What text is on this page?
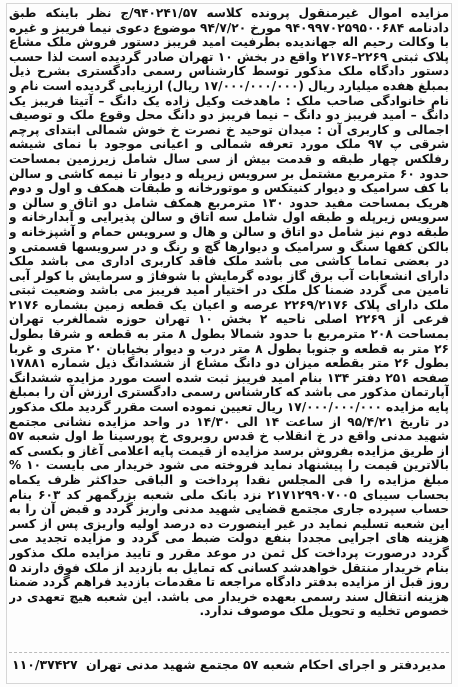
مزایده اموال غیرمنقول پرونده کلاسه ۹۴۰۲۴۱/۵۷/ج نظر باینکه طبق دادنامه ۹۴۰۹۹۷۰۲۵۹۵۰۰۶۸۴ مورخ ۹۴/۷/۲۰ موضوع دعوی نیما فریبز و غیره با وکالت رحیم اله جهاندیده بطرفیت امید فریبز دستور فروش ملک مشاع پلاک ثبتی ۲۲۶۹–۲۱۷۶ واقع در بخش ۱۰ تهران صادر گردیده است لذا حسب دستور دادگاه ملک مذکور توسط کارشناس رسمی دادگستری بشرح ذیل بمبلغ هفده میلیارد ریال (۱۷/۰۰۰/۰۰۰/۰۰۰ ریال) ارزیابی گردیده است نام و نام خانوادگی صاحب ملک : ماهدخت وکیل زاده یک دانگ – آتیتا فریبز یک دانگ – امید فریبز دو دانگ – نیما فریبز دو دانگ محل وقوع ملک و توصیف اجمالی و کاربری آن : میدان توحید خ نصرت خ خوش شمالی ابتدای پرچم شرقی پ ۹۷ ملک مورد تعرفه شمالی و اعیانی موجود با نمای شیشه رفلکس چهار طبقه و قدمت بیش از سی سال شامل زیرزمین بمساحت حدود ۶۰ مترمربع مشتمل بر سرویس زیرپله و دیوار تا نیمه کاشی و سالن با کف سرامیک و دیوار کنیتکس و موتورخانه و طبقات همکف و اول و دوم هریک بمساحت مفید حدود ۱۳۰ مترمربع همکف شامل دو اتاق و سالن و سرویس زیرپله و طبقه اول شامل سه اتاق و سالن پذیرایی و آبدارخانه و طبقه دوم نیز شامل دو اتاق و سالن و هال و سرویس حمام و آشپزخانه و بالکن کفها سنگ و سرامیک و دیوارها گچ و رنگ و در سرویسها قسمتی و در بعضی تماما کاشی می باشد ملک فاقد کاربری اداری می باشد ملک دارای انشعابات آب برق گاز بوده گرمایش با شوفاژ و سرمایش با کولر آبی تامین می گردد ضمنا کل ملک در اختیار امید فریبز می باشد وضعیت ثبتی ملک دارای پلاک ۲۲۶۹/۲۱۷۶ عرصه و اعیان یک قطعه زمین بشماره ۲۱۷۶ فرعی از ۲۲۶۹ اصلی ناحیه ۲ بخش ۱۰ تهران حوزه شمالغرب تهران بمساحت ۲۰۸ مترمربع با حدود شمالا بطول ۸ متر به قطعه و شرقا بطول ۲۶ متر به قطعه و جنوبا بطول ۸ متر درب و دیوار بخیابان ۲۰ متری و غربا بطول ۲۶ متر بقطعه میزان دو دانگ مشاع از ششدانگ ذیل شماره ۱۷۸۸۱ صفحه ۲۵۱ دفتر ۱۳۴ بنام امید فریبز ثبت شده است مورد مزایده ششدانگ آپارتمان مذکور می باشد که کارشناس رسمی دادگستری ارزش آن را بمبلغ پایه مزایده ۱۷/۰۰۰/۰۰۰/۰۰۰ ریال تعیین نموده است مقرر گردید ملک مذکور در تاریخ ۹۵/۴/۲۱ از ساعت ۱۴ الی ۱۴/۳۰ در واحد مزایده نشانی مجتمع شهید مدنی واقع در خ انقلاب خ قدس روبروی خ پورسینا ط اول شعبه ۵۷ از طریق مزایده بفروش برسد مزایده از قیمت پایه اعلامی آغاز و بکسی که بالاترین قیمت را پیشنهاد نماید فروخته می شود خریدار می بایست ۱۰ % مبلغ مزایده را فی المجلس نقدا پرداخت و الباقی حداکثر ظرف یکماه بحساب سیبای ۲۱۷۱۲۹۹۰۷۰۰۵ نزد بانک ملی شعبه بزرگمهر کد ۶۰۳ بنام حساب سپرده جاری مجتمع قضایی شهید مدنی واریز گردد و قبض آن را به این شعبه تسلیم نماید در غیر اینصورت ده درصد اولیه واریزی پس از کسر هزینه های اجرایی مجددا بنفع دولت ضبط می گردد و مزایده تجدید می گردد درصورت پرداخت کل ثمن در موعد مقرر و تایید مزایده ملک مذکور بنام خریدار منتقل خواهدشد کسانی که تمایل به بازدید از ملک فوق دارند ۵ روز قبل از مزایده بدفتر دادگاه مراجعه تا مقدمات بازدید فراهم گردد ضمنا هزینه انتقال سند رسمی بعهده خریدار می باشد. این شعبه هیچ تعهدی در خصوص تخلیه و تحویل ملک موصوف ندارد.
مدیردفتر و اجرای احکام شعبه ۵۷ مجتمع شهید مدنی تهران
۱۱۰/۳۷۴۲۷
